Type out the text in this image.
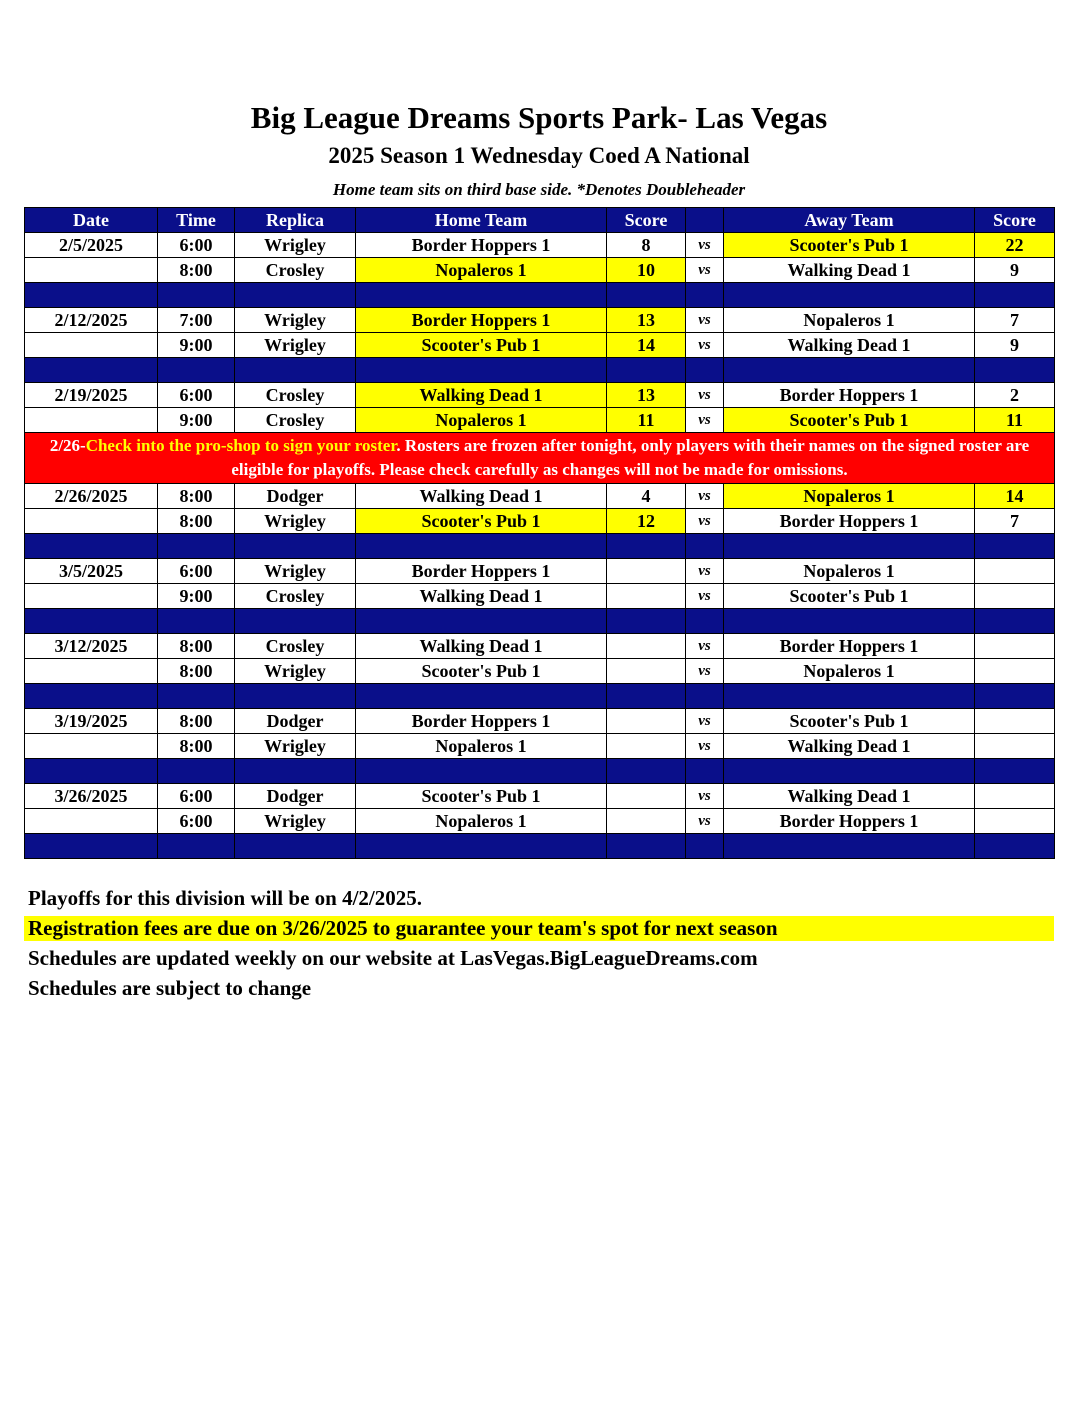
Big League Dreams Sports Park- Las Vegas
2025 Season 1 Wednesday Coed A National
Home team sits on third base side. *Denotes Doubleheader
Date	Time	Replica	Home Team	Score		Away Team	Score
2/5/2025	6:00	Wrigley	Border Hoppers 1	8	vs	Scooter's Pub 1	22
	8:00	Crosley	Nopaleros 1	10	vs	Walking Dead 1	9

2/12/2025	7:00	Wrigley	Border Hoppers 1	13	vs	Nopaleros 1	7
	9:00	Wrigley	Scooter's Pub 1	14	vs	Walking Dead 1	9

2/19/2025	6:00	Crosley	Walking Dead 1	13	vs	Border Hoppers 1	2
	9:00	Crosley	Nopaleros 1	11	vs	Scooter's Pub 1	11
2/26-Check into the pro-shop to sign your roster. Rosters are frozen after tonight, only players with their names on the signed roster are eligible for playoffs. Please check carefully as changes will not be made for omissions.							
2/26/2025	8:00	Dodger	Walking Dead 1	4	vs	Nopaleros 1	14
	8:00	Wrigley	Scooter's Pub 1	12	vs	Border Hoppers 1	7

3/5/2025	6:00	Wrigley	Border Hoppers 1		vs	Nopaleros 1	
	9:00	Crosley	Walking Dead 1		vs	Scooter's Pub 1	

3/12/2025	8:00	Crosley	Walking Dead 1		vs	Border Hoppers 1	
	8:00	Wrigley	Scooter's Pub 1		vs	Nopaleros 1	

3/19/2025	8:00	Dodger	Border Hoppers 1		vs	Scooter's Pub 1	
	8:00	Wrigley	Nopaleros 1		vs	Walking Dead 1	

3/26/2025	6:00	Dodger	Scooter's Pub 1		vs	Walking Dead 1	
	6:00	Wrigley	Nopaleros 1		vs	Border Hoppers 1	

Playoffs for this division will be on 4/2/2025.
Registration fees are due on 3/26/2025 to guarantee your team's spot for next season
Schedules are updated weekly on our website at LasVegas.BigLeagueDreams.com
Schedules are subject to change
